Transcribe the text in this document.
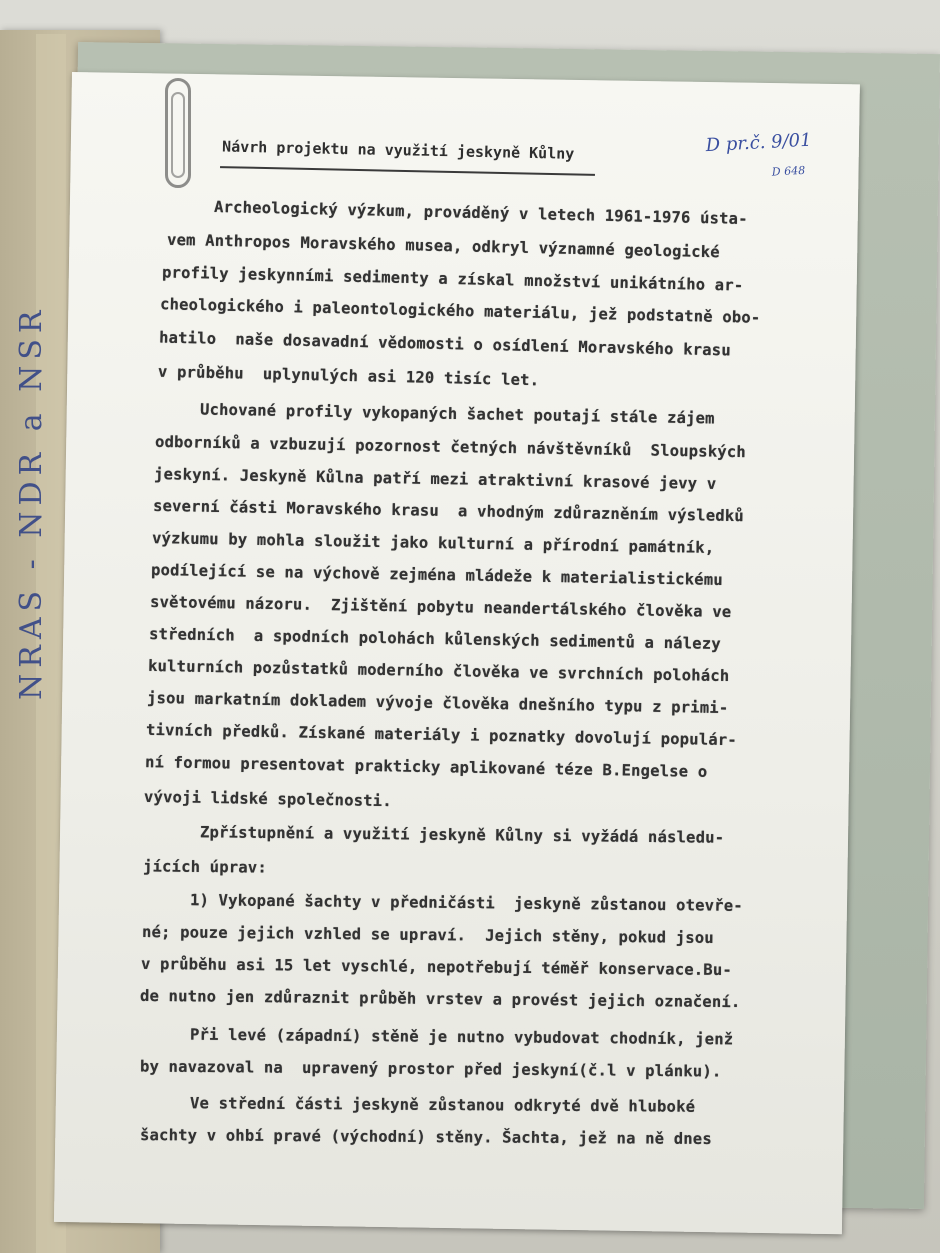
NRAS - NDR a NSR
D pr.č. 9/01
D 648
Návrh projektu na využití jeskyně Kůlny
Archeologický výzkum, prováděný v letech 1961-1976 ústa-
vem Anthropos Moravského musea, odkryl významné geologické
profily jeskynními sedimenty a získal množství unikátního ar-
cheologického i paleontologického materiálu, jež podstatně obo-
hatilo  naše dosavadní vědomosti o osídlení Moravského krasu
v průběhu  uplynulých asi 120 tisíc let.
Uchované profily vykopaných šachet poutají stále zájem
odborníků a vzbuzují pozornost četných návštěvníků  Sloupských
jeskyní. Jeskyně Kůlna patří mezi atraktivní krasové jevy v
severní části Moravského krasu  a vhodným zdůrazněním výsledků
výzkumu by mohla sloužit jako kulturní a přírodní památník,
podílející se na výchově zejména mládeže k materialistickému
světovému názoru.  Zjištění pobytu neandertálského člověka ve
středních  a spodních polohách kůlenských sedimentů a nálezy
kulturních pozůstatků moderního člověka ve svrchních polohách
jsou markatním dokladem vývoje člověka dnešního typu z primi-
tivních předků. Získané materiály i poznatky dovolují populár-
ní formou presentovat prakticky aplikované téze B.Engelse o
vývoji lidské společnosti.
Zpřístupnění a využití jeskyně Kůlny si vyžádá následu-
jících úprav:
1) Vykopané šachty v předničásti  jeskyně zůstanou otevře-
né; pouze jejich vzhled se upraví.  Jejich stěny, pokud jsou
v průběhu asi 15 let vyschlé, nepotřebují téměř konservace.Bu-
de nutno jen zdůraznit průběh vrstev a provést jejich označení.
Při levé (západní) stěně je nutno vybudovat chodník, jenž
by navazoval na  upravený prostor před jeskyní(č.l v plánku).
Ve střední části jeskyně zůstanou odkryté dvě hluboké
šachty v ohbí pravé (východní) stěny. Šachta, jež na ně dnes
